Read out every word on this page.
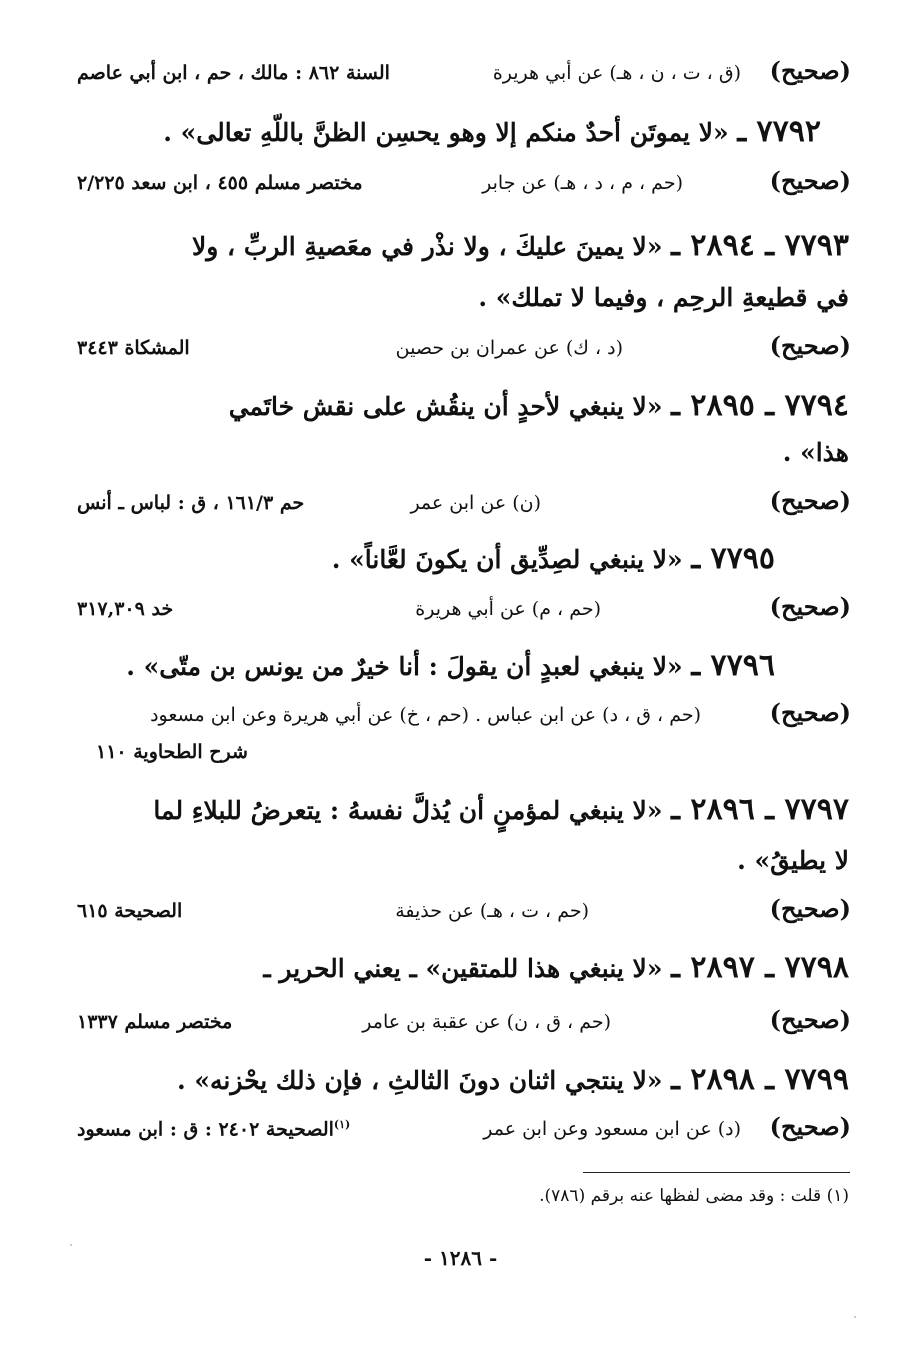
(صحيح)
(ق ، ت ، ن ، هـ) عن أبي هريرة
السنة ٨٦٢ : مالك ، حم ، ابن أبي عاصم
٧٧٩٢ ـ «لا يموتَن أحدٌ منكم إلا وهو يحسِن الظنَّ باللّهِ تعالى» .
(صحيح)
(حم ، م ، د ، هـ) عن جابر
مختصر مسلم ٤٥٥ ، ابن سعد ٢/٢٢٥
٧٧٩٣ ـ ٢٨٩٤ ـ «لا يمينَ عليكَ ، ولا نذْر في معَصيةِ الربِّ ، ولا
في قطيعةِ الرحِم ، وفيما لا تملك» .
(صحيح)
(د ، ك) عن عمران بن حصين
المشكاة ٣٤٤٣
٧٧٩٤ ـ ٢٨٩٥ ـ «لا ينبغي لأحدٍ أن ينقُش على نقش خاتَمي
هذا» .
(صحيح)
(ن) عن ابن عمر
حم ١٦١/٣ ، ق : لباس ـ أنس
٧٧٩٥ ـ «لا ينبغي لصِدِّيق أن يكونَ لعَّاناً» .
(صحيح)
(حم ، م) عن أبي هريرة
خد ٣١٧,٣٠٩
٧٧٩٦ ـ «لا ينبغي لعبدٍ أن يقولَ : أنا خيرٌ من يونس بن متّى» .
(صحيح)
(حم ، ق ، د) عن ابن عباس . (حم ، خ) عن أبي هريرة وعن ابن مسعود
شرح الطحاوية ١١٠
٧٧٩٧ ـ ٢٨٩٦ ـ «لا ينبغي لمؤمنٍ أن يُذلَّ نفسهُ : يتعرضُ للبلاءِ لما
لا يطيقُ» .
(صحيح)
(حم ، ت ، هـ) عن حذيفة
الصحيحة ٦١٥
٧٧٩٨ ـ ٢٨٩٧ ـ «لا ينبغي هذا للمتقين» ـ يعني الحرير ـ
(صحيح)
(حم ، ق ، ن) عن عقبة بن عامر
مختصر مسلم ١٣٣٧
٧٧٩٩ ـ ٢٨٩٨ ـ «لا ينتجي اثنان دونَ الثالثِ ، فإن ذلك يحْزنه» .
(صحيح)
(د) عن ابن مسعود وعن ابن عمر
$^{(١)}$الصحيحة ٢٤٠٢ : ق : ابن مسعود
(١) قلت : وقد مضى لفظها عنه برقم (٧٨٦).
- ١٢٨٦ -
